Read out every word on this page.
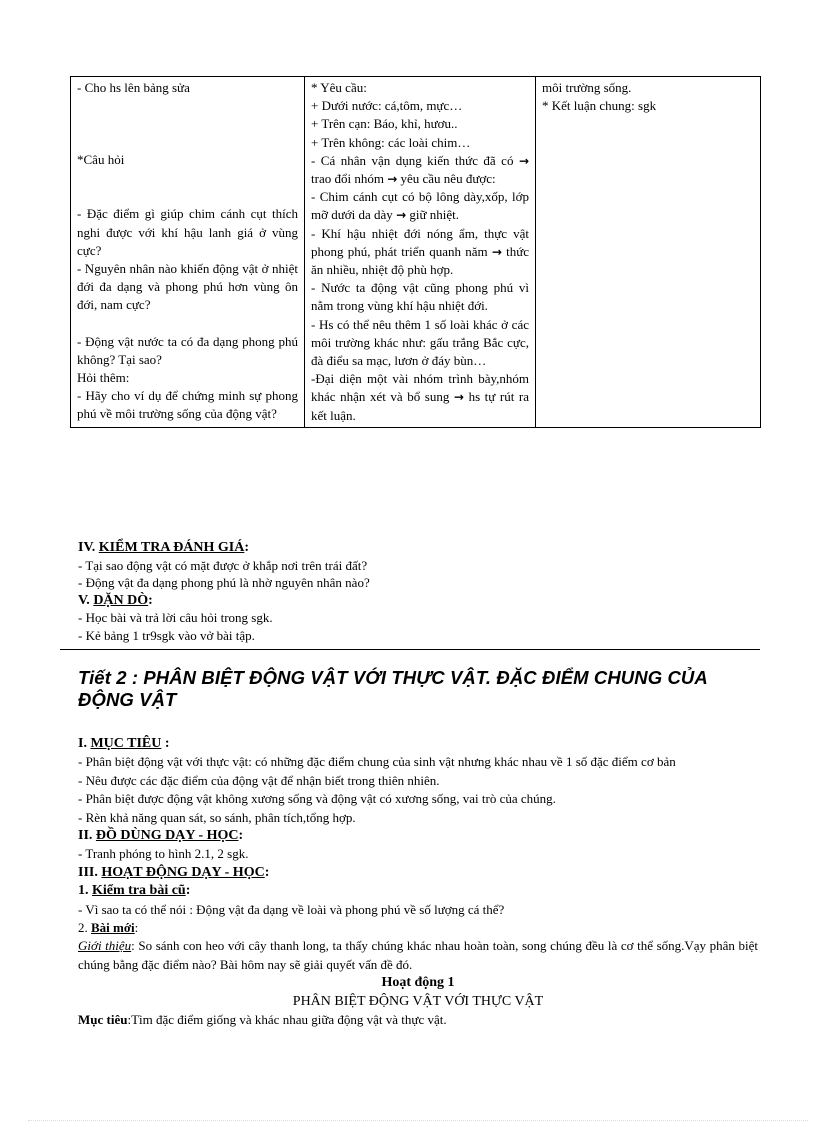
- Cho hs lên bảng sửa
*Câu hỏi
- Đặc điểm gì giúp chim cánh cụt thích nghi được với khí hậu lanh giá ở vùng cực?
- Nguyên nhân nào khiến động vật ở nhiệt đới đa dạng và phong phú hơn vùng ôn đới, nam cực?
- Động vật nước ta có đa dạng phong phú không? Tại sao?
Hỏi thêm:
- Hãy cho ví dụ để chứng minh sự phong phú về môi trường sống của động vật?

* Yêu cầu:
+ Dưới nước: cá,tôm, mực…
+ Trên cạn: Báo, khỉ, hươu..
+ Trên không: các loài chim…
- Cá nhân vận dụng kiến thức đã có → trao đổi nhóm → yêu cầu nêu được:
- Chim cánh cụt có bộ lông dày,xốp, lớp mỡ dưới da dày → giữ nhiệt.
- Khí hậu nhiệt đới nóng ẩm, thực vật phong phú, phát triển quanh năm → thức ăn nhiều, nhiệt độ phù hợp.
- Nước ta động vật cũng phong phú vì nằm trong vùng khí hậu nhiệt đới.
- Hs có thể nêu thêm 1 số loài khác ở các môi trường khác như: gấu trắng Bắc cực, đà điểu sa mạc, lươn ở đáy bùn…
-Đại diện một vài nhóm trình bày,nhóm khác nhận xét và bổ sung → hs tự rút ra kết luận.

môi trường sống.
* Kết luận chung: sgk
IV. KIỂM TRA ĐÁNH GIÁ:
- Tại sao động vật có mặt được ở khắp nơi trên trái đất?
- Động vật đa dạng phong phú là nhờ nguyên nhân nào?
V. DẶN DÒ:
- Học bài và trả lời câu hỏi trong sgk.
- Kẻ bảng 1 tr9sgk vào vở bài tập.
Tiết 2 : PHÂN BIỆT ĐỘNG VẬT VỚI THỰC VẬT. ĐẶC ĐIỂM CHUNG CỦA ĐỘNG VẬT
I. MỤC TIÊU :
- Phân biệt động vật với thực vật: có những đặc điểm chung của sinh vật nhưng khác nhau về 1 số đặc điểm cơ bản
- Nêu được các đặc điểm của động vật để nhận biết trong thiên nhiên.
- Phân biệt được động vật không xương sống và động vật có xương sống, vai trò của chúng.
- Rèn khả năng quan sát, so sánh, phân tích,tổng hợp.
II. ĐỒ DÙNG DẠY - HỌC:
- Tranh phóng to hình 2.1, 2 sgk.
III. HOẠT ĐỘNG DẠY - HỌC:
1. Kiểm tra bài cũ:
- Vì sao ta có thể nói : Động vật đa dạng về loài và phong phú về số lượng cá thể?
2. Bài mới:
Giới thiệu: So sánh con heo với cây thanh long, ta thấy chúng khác nhau hoàn toàn, song chúng đều là cơ thể sống.Vạy phân biệt chúng bằng đặc điểm nào? Bài hôm nay sẽ giải quyết vấn đề đó.
Hoạt động 1
PHÂN BIỆT ĐỘNG VẬT VỚI THỰC VẬT
Mục tiêu:Tìm đặc điểm giống và khác nhau giữa động vật và thực vật.
